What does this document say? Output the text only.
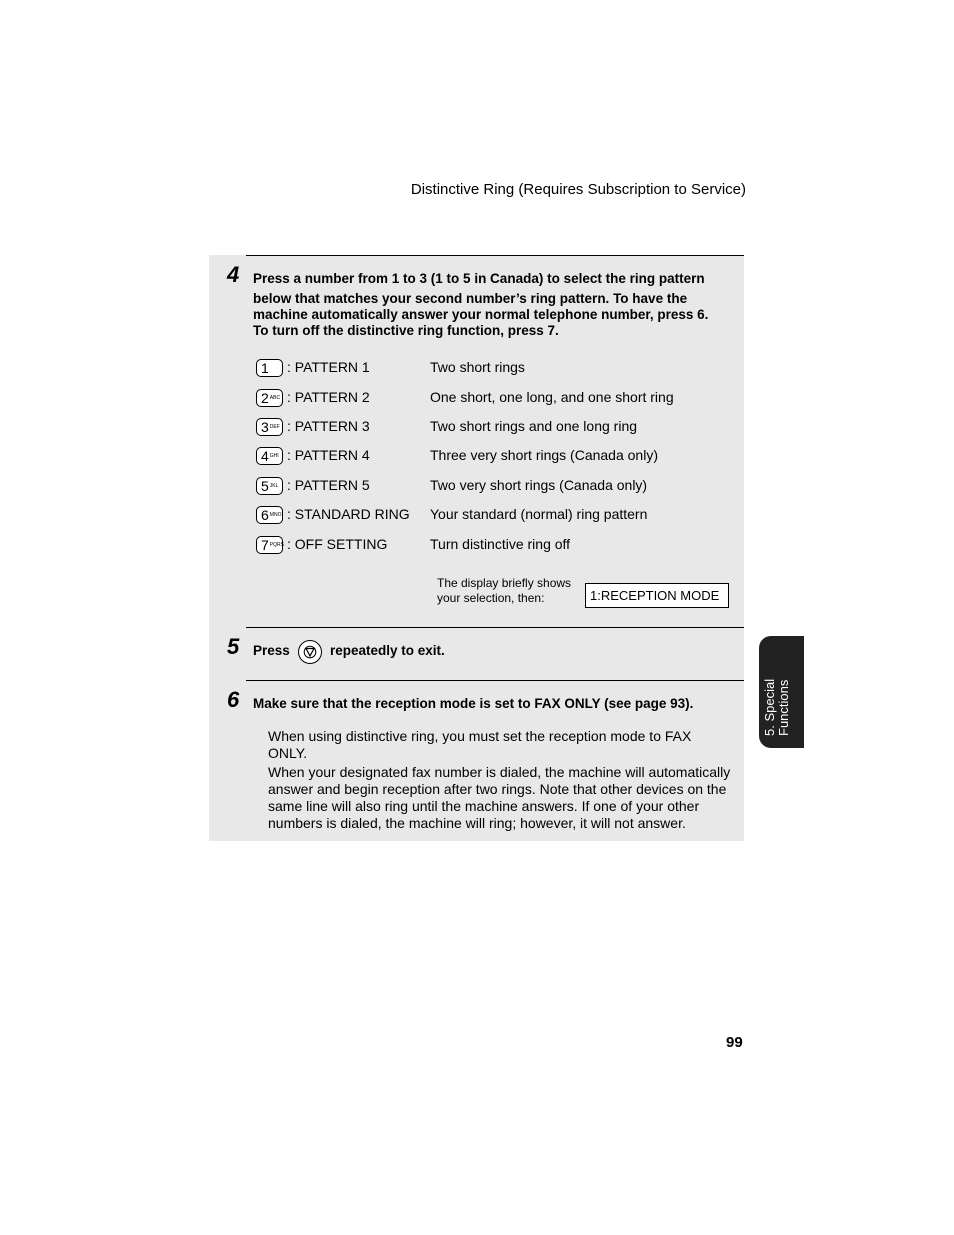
Distinctive Ring (Requires Subscription to Service)
4 Press a number from 1 to 3 (1 to 5 in Canada) to select the ring pattern
below that matches your second number’s ring pattern. To have the
machine automatically answer your normal telephone number, press 6.
To turn off the distinctive ring function, press 7.
1 : PATTERN 1	Two short rings
2 ABC : PATTERN 2	One short, one long, and one short ring
3 DEF : PATTERN 3	Two short rings and one long ring
4 GHI : PATTERN 4	Three very short rings (Canada only)
5 JKL : PATTERN 5	Two very short rings (Canada only)
6 MNO : STANDARD RING Your standard (normal) ring pattern
7 PQRS : OFF SETTING	Turn distinctive ring off
The display briefly shows
your selection, then:	1:RECEPTION MODE
5 Press	repeatedly to exit.
6 Make sure that the reception mode is set to FAX ONLY (see page 93).
When using distinctive ring, you must set the reception mode to FAX ONLY.
When your designated fax number is dialed, the machine will automatically
answer and begin reception after two rings. Note that other devices on the
same line will also ring until the machine answers. If one of your other
numbers is dialed, the machine will ring; however, it will not answer.
5. Special Functions
99
